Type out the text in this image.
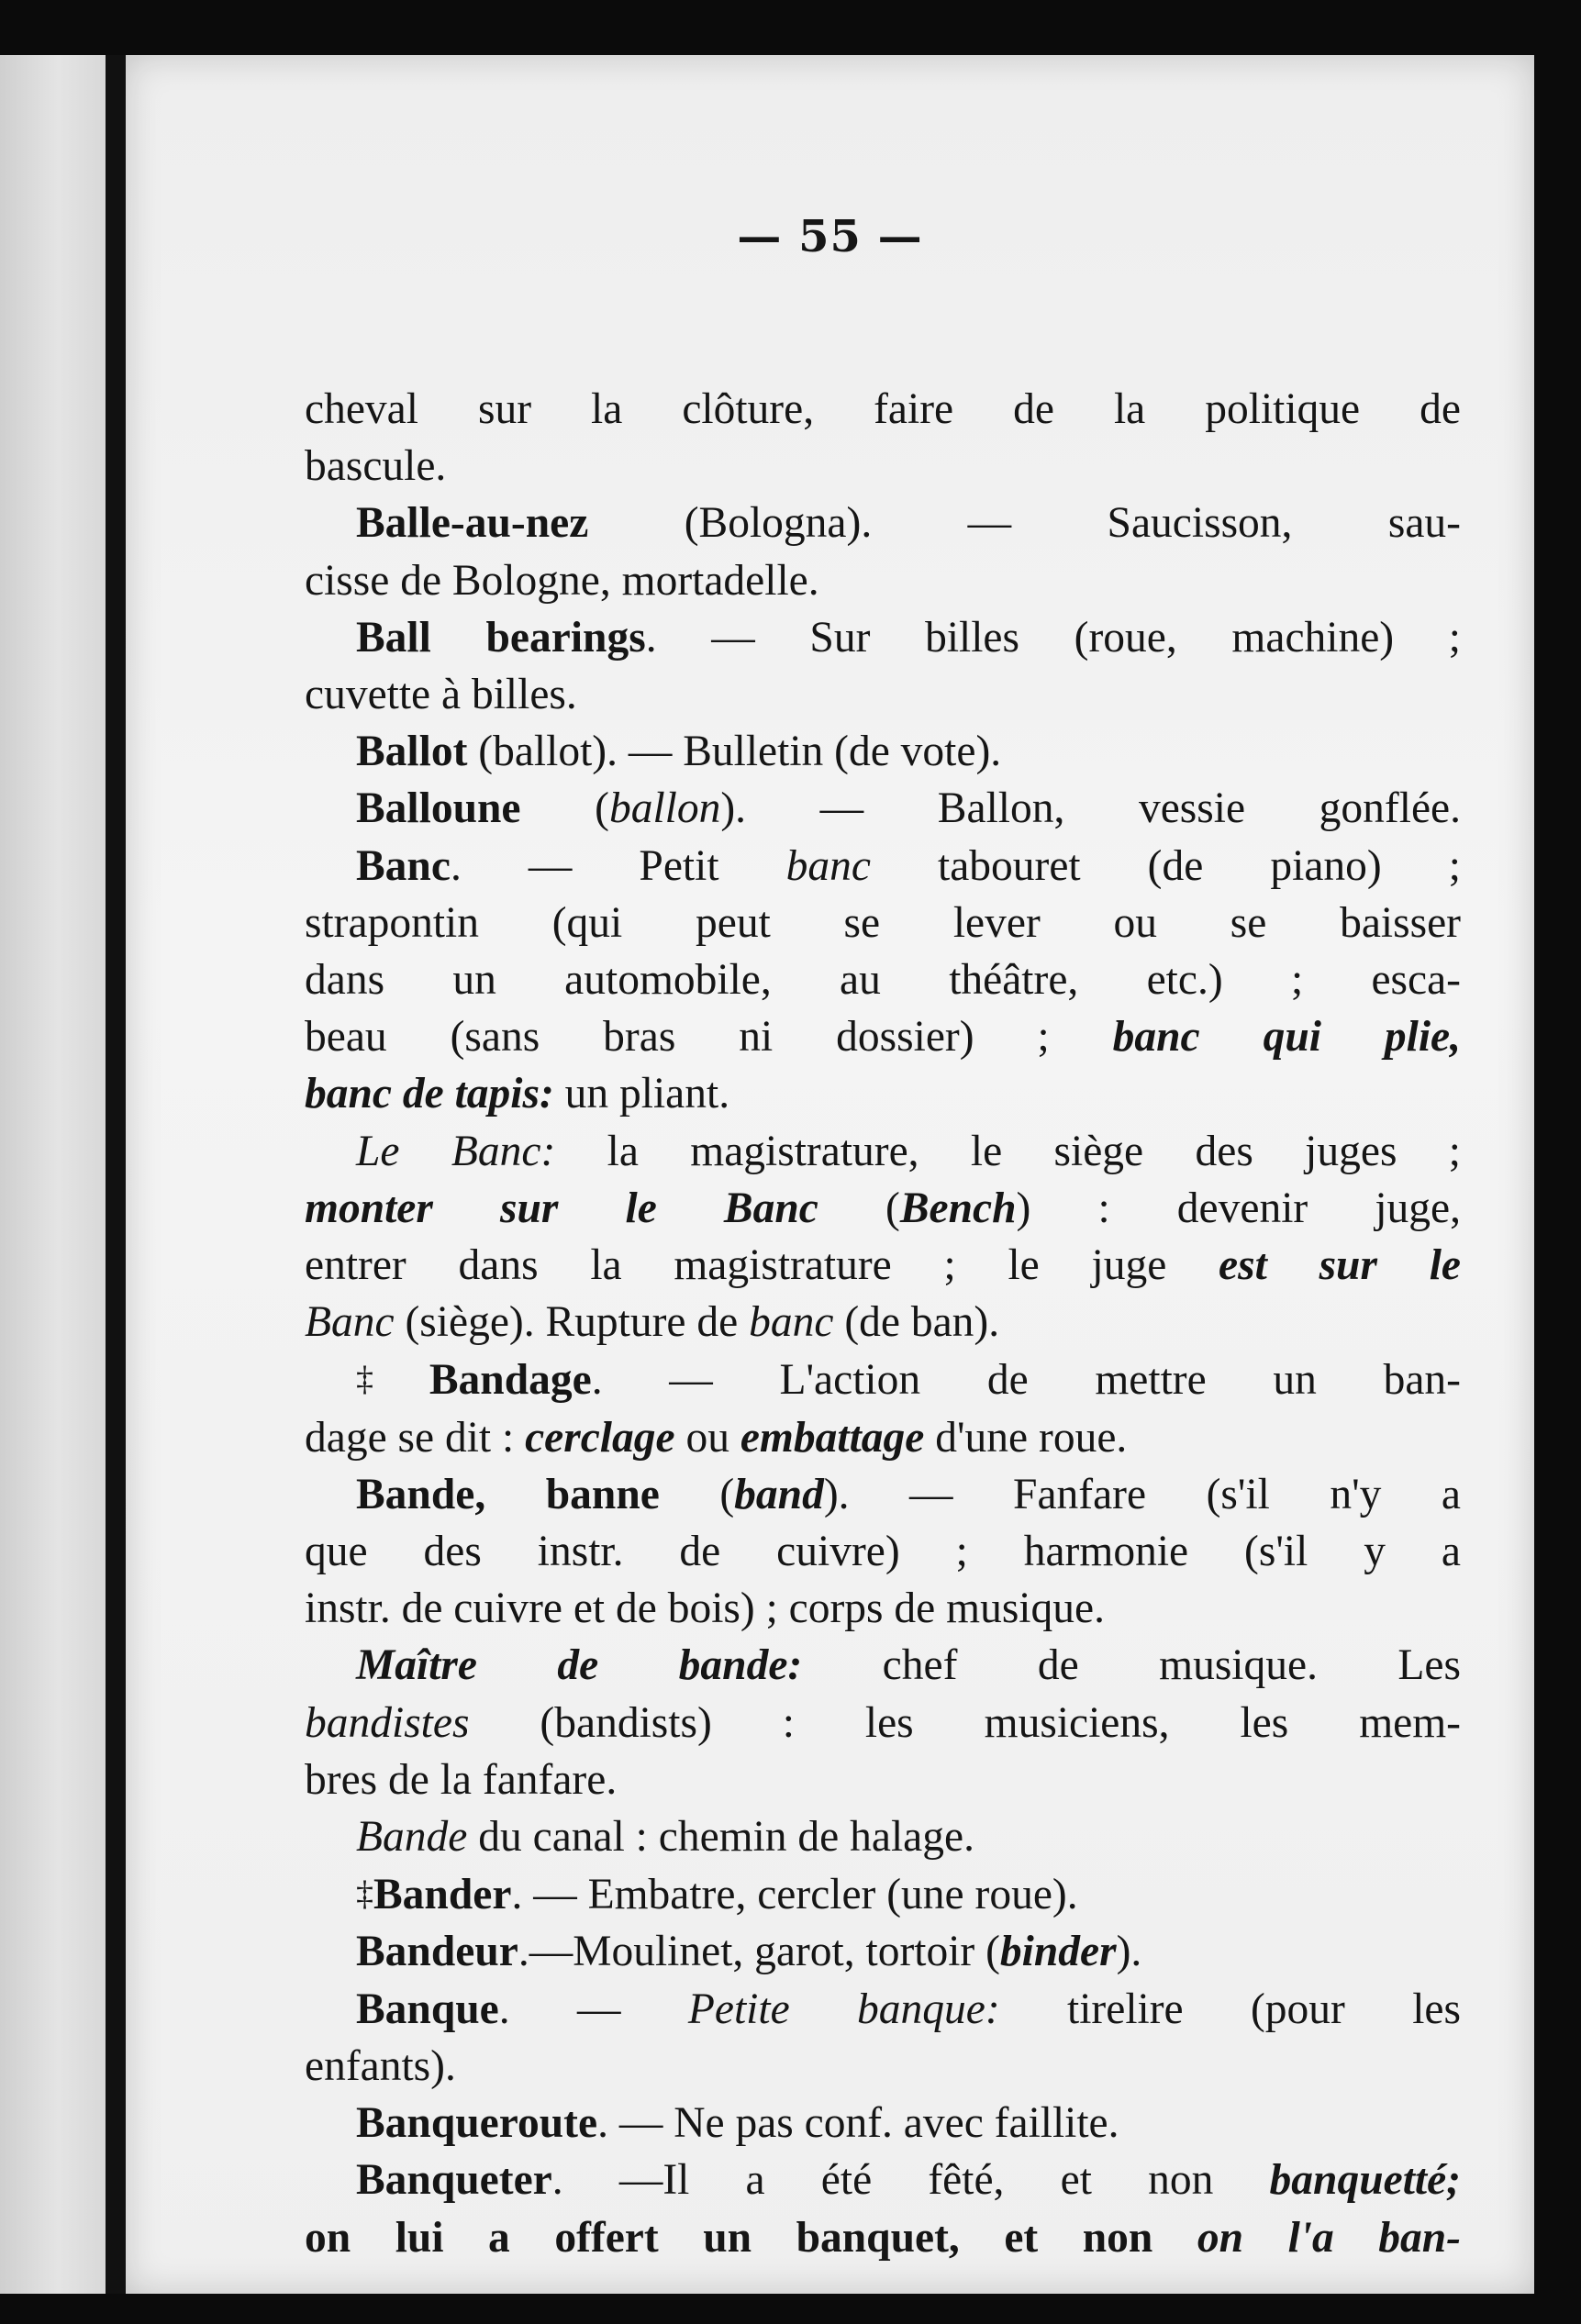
— 55 —
cheval sur la clôture, faire de la politique de
bascule.
Balle-au-nez (Bologna). — Saucisson, sau-
cisse de Bologne, mortadelle.
Ball bearings. — Sur billes (roue, machine) ;
cuvette à billes.
Ballot (ballot). — Bulletin (de vote).
Balloune (ballon). — Ballon, vessie gonflée.
Banc. — Petit banc tabouret (de piano) ;
strapontin (qui peut se lever ou se baisser
dans un automobile, au théâtre, etc.) ; esca-
beau (sans bras ni dossier) ; banc qui plie,
banc de tapis: un pliant.
Le Banc: la magistrature, le siège des juges ;
monter sur le Banc (Bench) : devenir juge,
entrer dans la magistrature ; le juge est sur le
Banc (siège). Rupture de banc (de ban).
‡Bandage. — L'action de mettre un ban-
dage se dit : cerclage ou embattage d'une roue.
Bande, banne (band). — Fanfare (s'il n'y a
que des instr. de cuivre) ; harmonie (s'il y a
instr. de cuivre et de bois) ; corps de musique.
Maître de bande: chef de musique. Les
bandistes (bandists) : les musiciens, les mem-
bres de la fanfare.
Bande du canal : chemin de halage.
‡Bander. — Embatre, cercler (une roue).
Bandeur.—Moulinet, garot, tortoir (binder).
Banque. — Petite banque: tirelire (pour les
enfants).
Banqueroute. — Ne pas conf. avec faillite.
Banqueter. —Il a été fêté, et non banquetté;
on lui a offert un banquet, et non on l'a ban-
